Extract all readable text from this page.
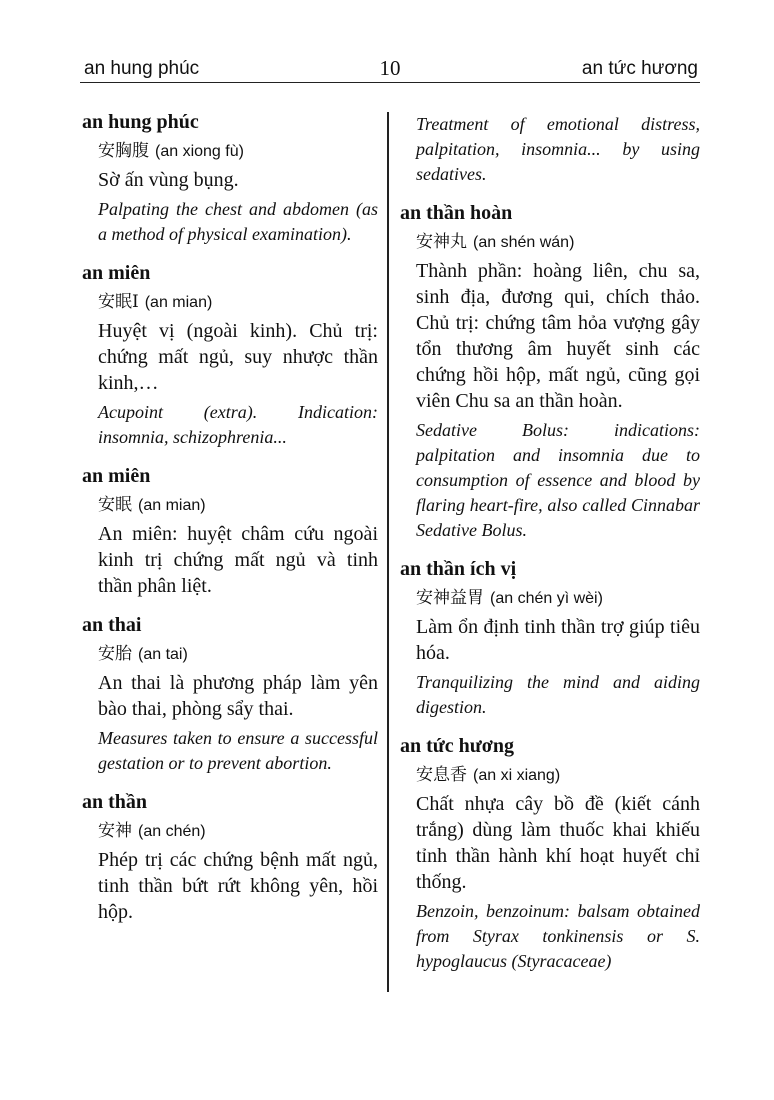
an hung phúc	10	an tức hương
an hung phúc
安胸腹 (an xiong fù)
Sờ ấn vùng bụng.
Palpating the chest and abdomen (as a method of physical examination).
an miên
安眠I (an mian)
Huyệt vị (ngoài kinh). Chủ trị: chứng mất ngủ, suy nhược thần kinh,…
Acupoint (extra). Indication: insomnia, schizophrenia...
an miên
安眠 (an mian)
An miên: huyệt châm cứu ngoài kinh trị chứng mất ngủ và tinh thần phân liệt.
an thai
安胎 (an tai)
An thai là phương pháp làm yên bào thai, phòng sẩy thai.
Measures taken to ensure a successful gestation or to prevent abortion.
an thần
安神 (an chén)
Phép trị các chứng bệnh mất ngủ, tinh thần bứt rứt không yên, hồi hộp.
Treatment of emotional distress, palpitation, insomnia... by using sedatives.
an thần hoàn
安神丸 (an shén wán)
Thành phần: hoàng liên, chu sa, sinh địa, đương qui, chích thảo. Chủ trị: chứng tâm hỏa vượng gây tổn thương âm huyết sinh các chứng hồi hộp, mất ngủ, cũng gọi viên Chu sa an thần hoàn.
Sedative Bolus: indications: palpitation and insomnia due to consumption of essence and blood by flaring heart-fire, also called Cinnabar Sedative Bolus.
an thần ích vị
安神益胃 (an chén yì wèi)
Làm ổn định tinh thần trợ giúp tiêu hóa.
Tranquilizing the mind and aiding digestion.
an tức hương
安息香 (an xi xiang)
Chất nhựa cây bồ đề (kiết cánh trắng) dùng làm thuốc khai khiếu tỉnh thần hành khí hoạt huyết chỉ thống.
Benzoin, benzoinum: balsam obtained from Styrax tonkinensis or S. hypoglaucus (Styracaceae)
